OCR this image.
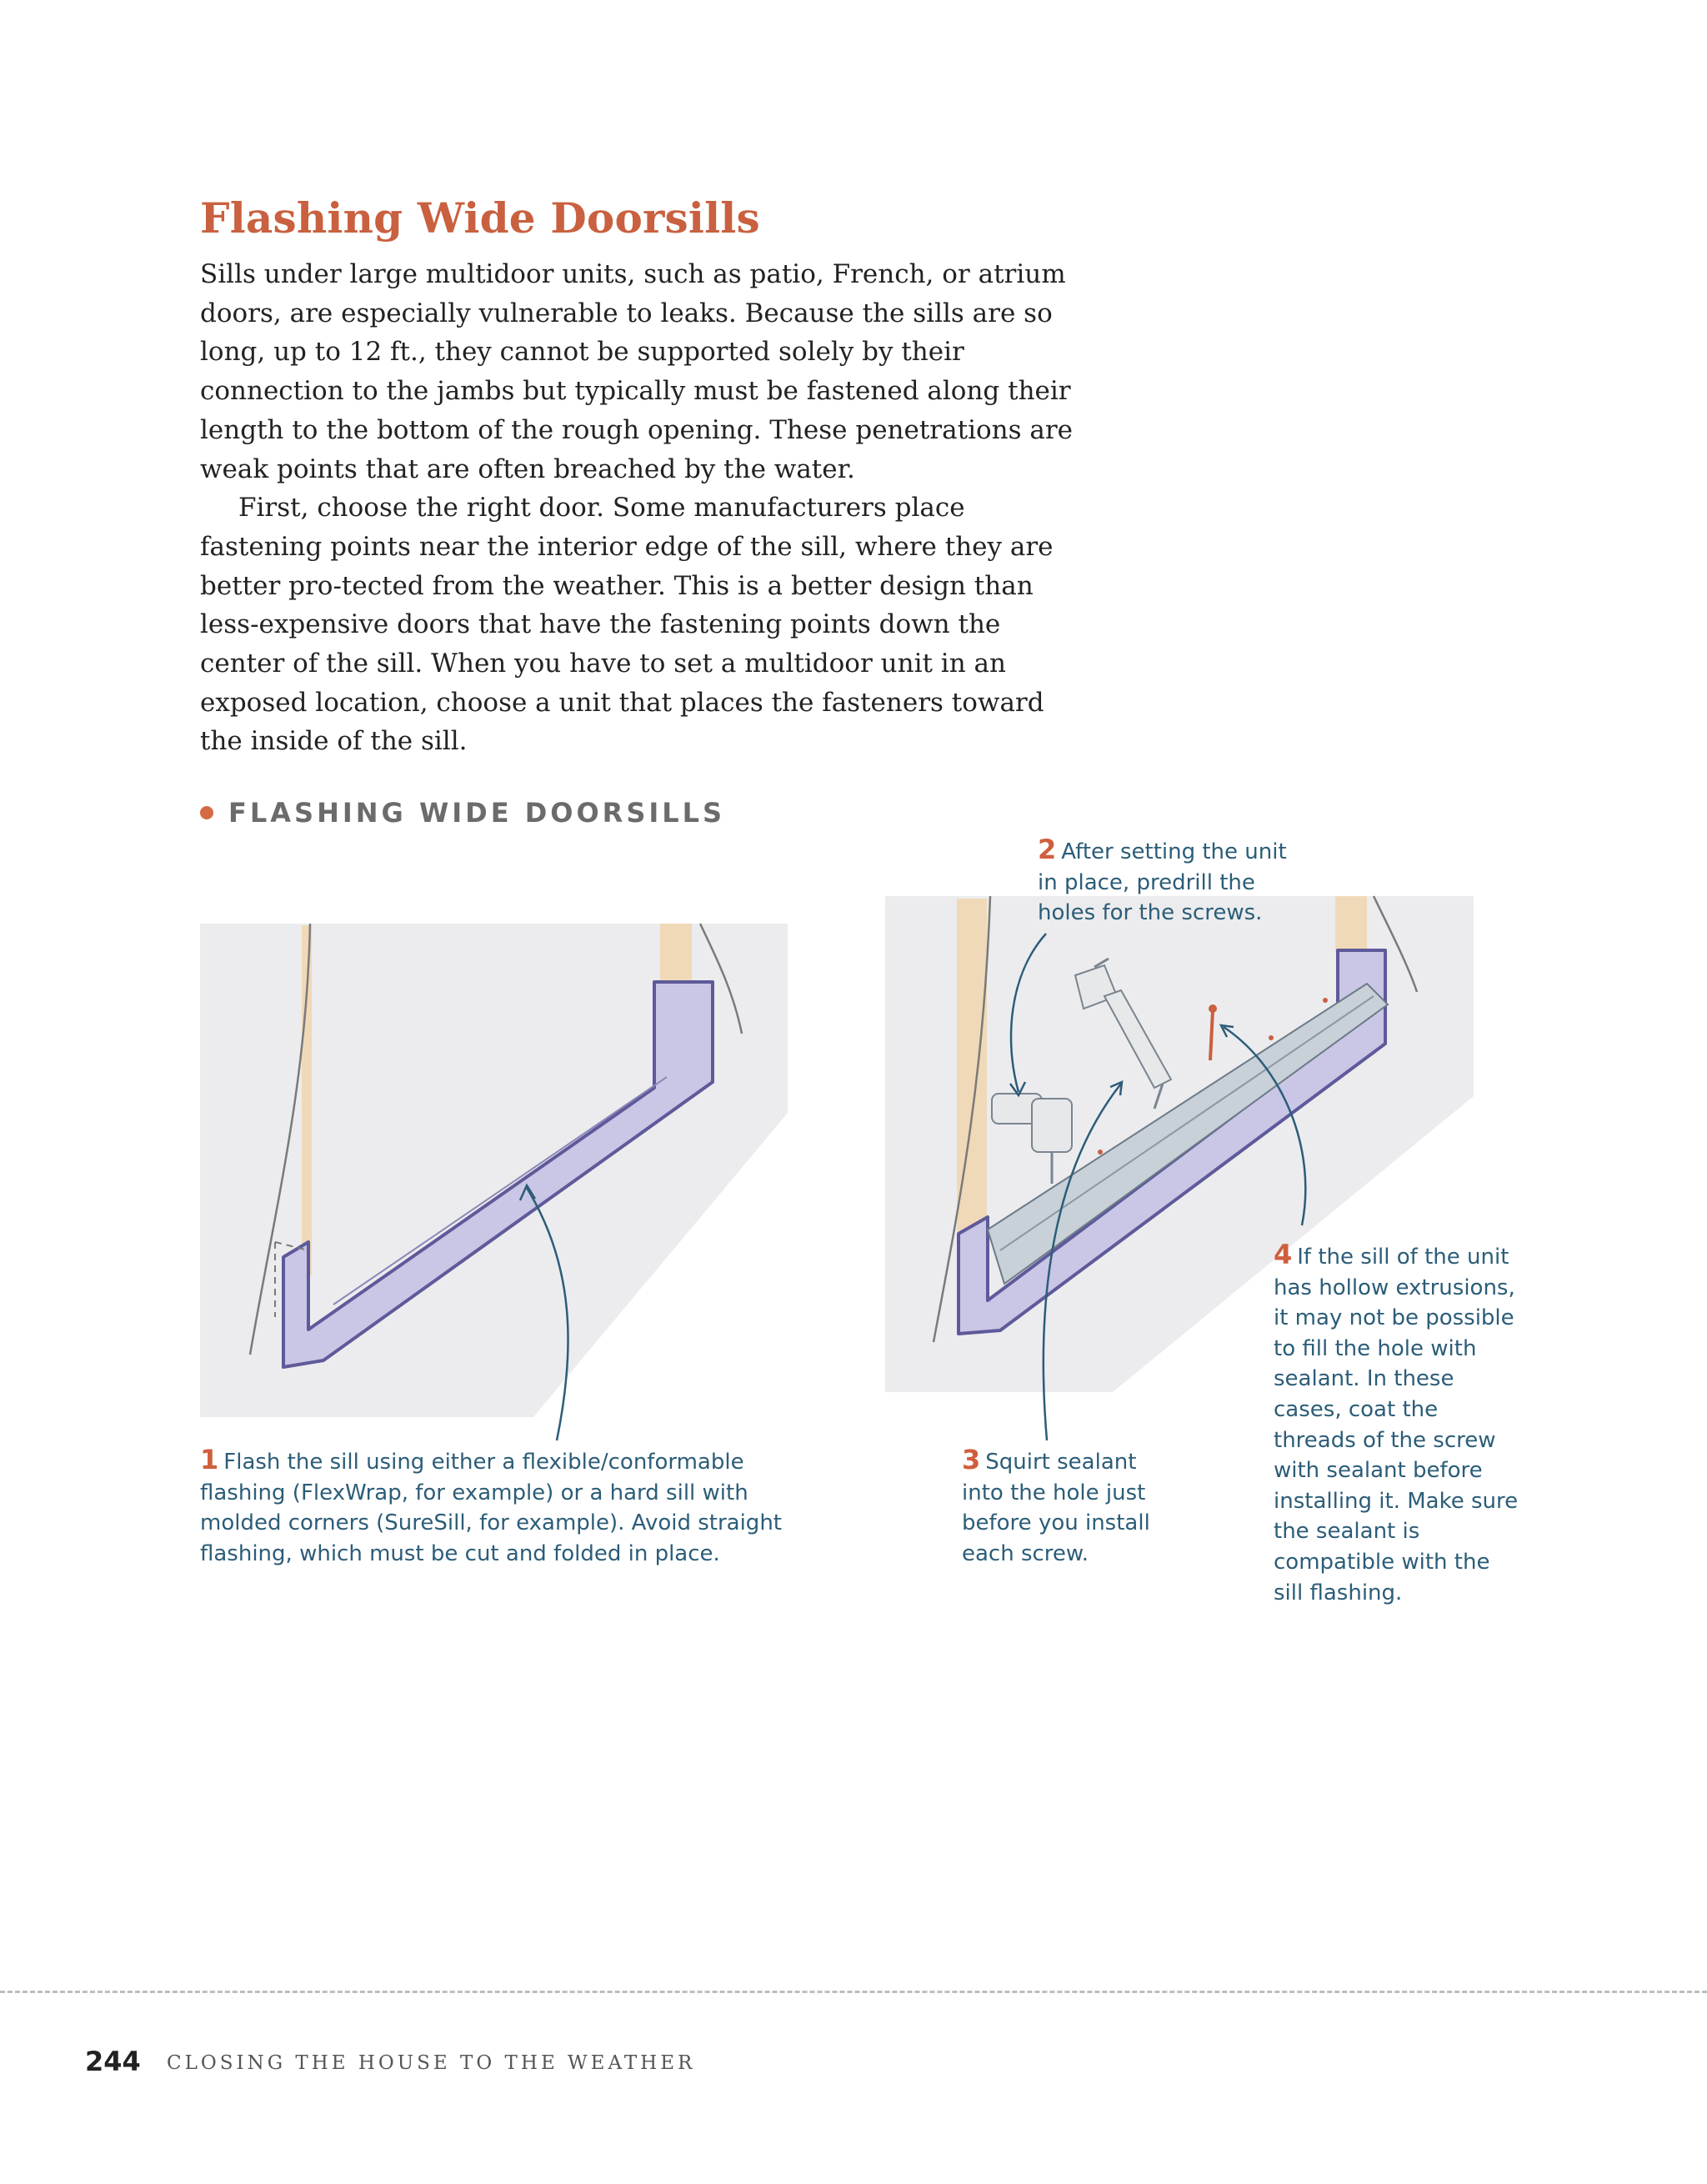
Flashing Wide Doorsills

Sills under large multidoor units, such as patio, French, or atrium doors, are especially vulnerable to leaks. Because the sills are so long, up to 12 ft., they cannot be supported solely by their connection to the jambs but typically must be fastened along their length to the bottom of the rough opening. These penetrations are weak points that are often breached by the water.

First, choose the right door. Some manufacturers place fastening points near the interior edge of the sill, where they are better pro-tected from the weather. This is a better design than less-expensive doors that have the fastening points down the center of the sill. When you have to set a multidoor unit in an exposed location, choose a unit that places the fasteners toward the inside of the sill.

FLASHING WIDE DOORSILLS
1 Flash the sill using either a flexible/conformable flashing (FlexWrap, for example) or a hard sill with molded corners (SureSill, for example). Avoid straight flashing, which must be cut and folded in place.
2 After setting the unit in place, predrill the holes for the screws.
3 Squirt sealant into the hole just before you install each screw.
4 If the sill of the unit has hollow extrusions, it may not be possible to fill the hole with sealant. In these cases, coat the threads of the screw with sealant before installing it. Make sure the sealant is compatible with the sill flashing.
244 CLOSING THE HOUSE TO THE WEATHER
